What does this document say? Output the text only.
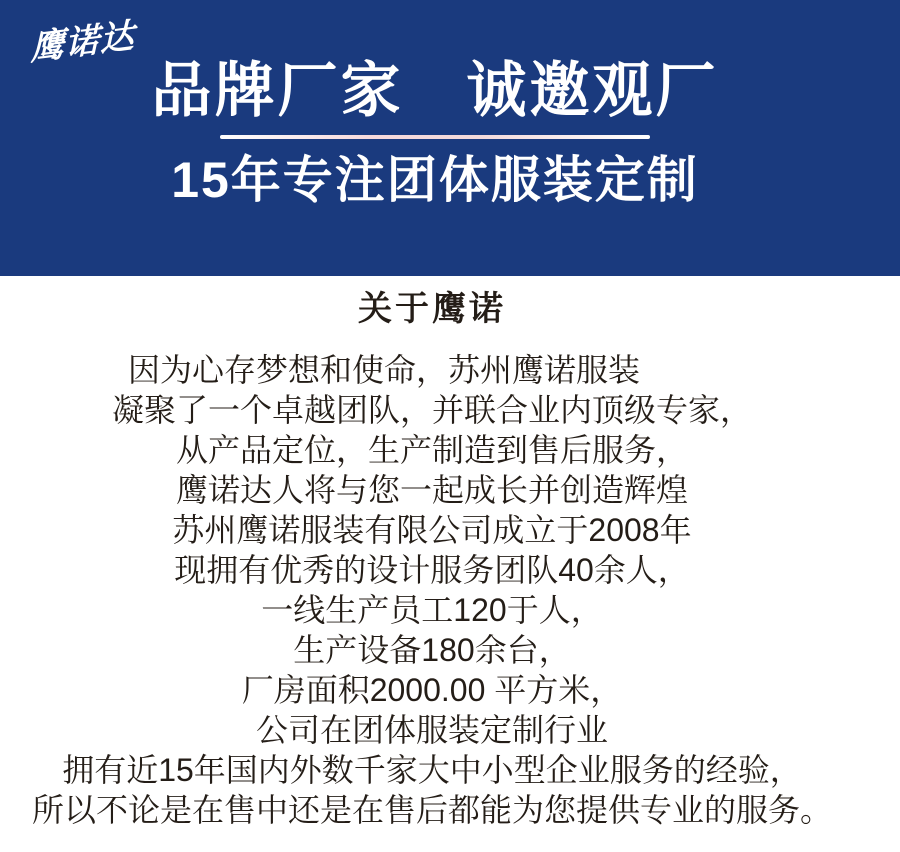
鹰诺达
品牌厂家　诚邀观厂
15年专注团体服装定制
关于鹰诺
因为心存梦想和使命，苏州鹰诺服装
凝聚了一个卓越团队，并联合业内顶级专家，
从产品定位，生产制造到售后服务，
鹰诺达人将与您一起成长并创造辉煌
苏州鹰诺服装有限公司成立于2008年
现拥有优秀的设计服务团队40余人，
一线生产员工120于人，
生产设备180余台，
厂房面积2000.00 平方米，
公司在团体服装定制行业
拥有近15年国内外数千家大中小型企业服务的经验，
所以不论是在售中还是在售后都能为您提供专业的服务。
